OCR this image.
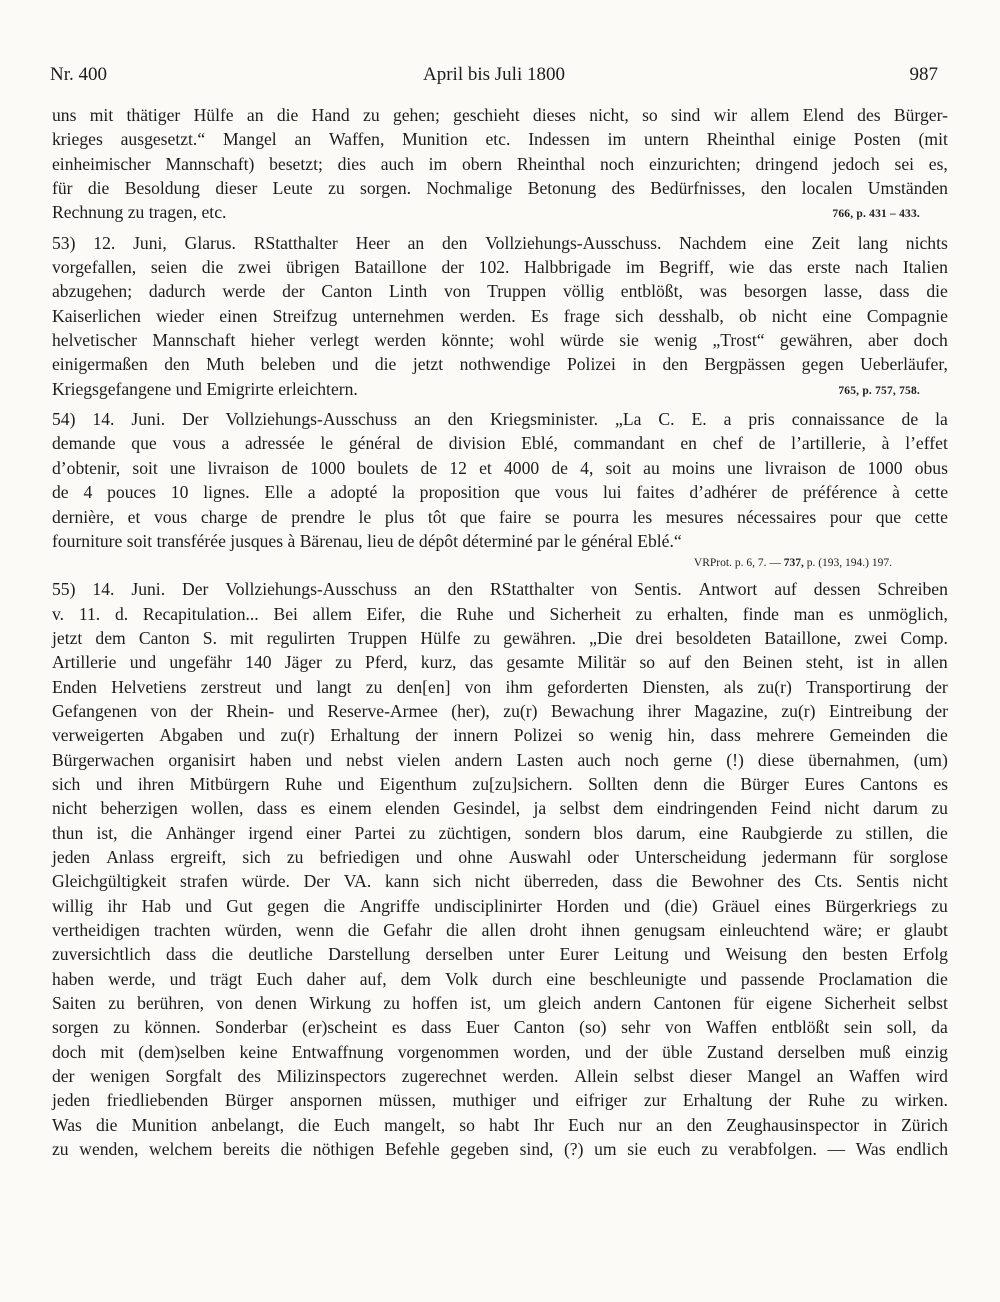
Nr. 400	April bis Juli 1800	987
uns mit thätiger Hülfe an die Hand zu gehen; geschieht dieses nicht, so sind wir allem Elend des Bürger-
krieges ausgesetzt.“ Mangel an Waffen, Munition etc. Indessen im untern Rheinthal einige Posten (mit
einheimischer Mannschaft) besetzt; dies auch im obern Rheinthal noch einzurichten; dringend jedoch sei es,
für die Besoldung dieser Leute zu sorgen. Nochmalige Betonung des Bedürfnisses, den localen Umständen
Rechnung zu tragen, etc.	766, p. 431 – 433.
53) 12. Juni, Glarus. RStatthalter Heer an den Vollziehungs-Ausschuss. Nachdem eine Zeit lang nichts
vorgefallen, seien die zwei übrigen Bataillone der 102. Halbbrigade im Begriff, wie das erste nach Italien
abzugehen; dadurch werde der Canton Linth von Truppen völlig entblößt, was besorgen lasse, dass die
Kaiserlichen wieder einen Streifzug unternehmen werden. Es frage sich desshalb, ob nicht eine Compagnie
helvetischer Mannschaft hieher verlegt werden könnte; wohl würde sie wenig „Trost“ gewähren, aber doch
einigermaßen den Muth beleben und die jetzt nothwendige Polizei in den Bergpässen gegen Ueberläufer,
Kriegsgefangene und Emigrirte erleichtern.	765, p. 757, 758.
54) 14. Juni. Der Vollziehungs-Ausschuss an den Kriegsminister. „La C. E. a pris connaissance de la
demande que vous a adressée le général de division Eblé, commandant en chef de l’artillerie, à l’effet
d’obtenir, soit une livraison de 1000 boulets de 12 et 4000 de 4, soit au moins une livraison de 1000 obus
de 4 pouces 10 lignes. Elle a adopté la proposition que vous lui faites d’adhérer de préférence à cette
dernière, et vous charge de prendre le plus tôt que faire se pourra les mesures nécessaires pour que cette
fourniture soit transférée jusques à Bärenau, lieu de dépôt déterminé par le général Eblé.“
VRProt. p. 6, 7. — 737, p. (193, 194.) 197.
55) 14. Juni. Der Vollziehungs-Ausschuss an den RStatthalter von Sentis. Antwort auf dessen Schreiben
v. 11. d. Recapitulation... Bei allem Eifer, die Ruhe und Sicherheit zu erhalten, finde man es unmöglich,
jetzt dem Canton S. mit regulirten Truppen Hülfe zu gewähren. „Die drei besoldeten Bataillone, zwei Comp.
Artillerie und ungefähr 140 Jäger zu Pferd, kurz, das gesamte Militär so auf den Beinen steht, ist in allen
Enden Helvetiens zerstreut und langt zu den[en] von ihm geforderten Diensten, als zu(r) Transportirung der
Gefangenen von der Rhein- und Reserve-Armee (her), zu(r) Bewachung ihrer Magazine, zu(r) Eintreibung der
verweigerten Abgaben und zu(r) Erhaltung der innern Polizei so wenig hin, dass mehrere Gemeinden die
Bürgerwachen organisirt haben und nebst vielen andern Lasten auch noch gerne (!) diese übernahmen, (um)
sich und ihren Mitbürgern Ruhe und Eigenthum zu[zu]sichern. Sollten denn die Bürger Eures Cantons es
nicht beherzigen wollen, dass es einem elenden Gesindel, ja selbst dem eindringenden Feind nicht darum zu
thun ist, die Anhänger irgend einer Partei zu züchtigen, sondern blos darum, eine Raubgierde zu stillen, die
jeden Anlass ergreift, sich zu befriedigen und ohne Auswahl oder Unterscheidung jedermann für sorglose
Gleichgültigkeit strafen würde. Der VA. kann sich nicht überreden, dass die Bewohner des Cts. Sentis nicht
willig ihr Hab und Gut gegen die Angriffe undisciplinirter Horden und (die) Gräuel eines Bürgerkriegs zu
vertheidigen trachten würden, wenn die Gefahr die allen droht ihnen genugsam einleuchtend wäre; er glaubt
zuversichtlich dass die deutliche Darstellung derselben unter Eurer Leitung und Weisung den besten Erfolg
haben werde, und trägt Euch daher auf, dem Volk durch eine beschleunigte und passende Proclamation die
Saiten zu berühren, von denen Wirkung zu hoffen ist, um gleich andern Cantonen für eigene Sicherheit selbst
sorgen zu können. Sonderbar (er)scheint es dass Euer Canton (so) sehr von Waffen entblößt sein soll, da
doch mit (dem)selben keine Entwaffnung vorgenommen worden, und der üble Zustand derselben muß einzig
der wenigen Sorgfalt des Milizinspectors zugerechnet werden. Allein selbst dieser Mangel an Waffen wird
jeden friedliebenden Bürger anspornen müssen, muthiger und eifriger zur Erhaltung der Ruhe zu wirken.
Was die Munition anbelangt, die Euch mangelt, so habt Ihr Euch nur an den Zeughausinspector in Zürich
zu wenden, welchem bereits die nöthigen Befehle gegeben sind, (?) um sie euch zu verabfolgen. — Was endlich
